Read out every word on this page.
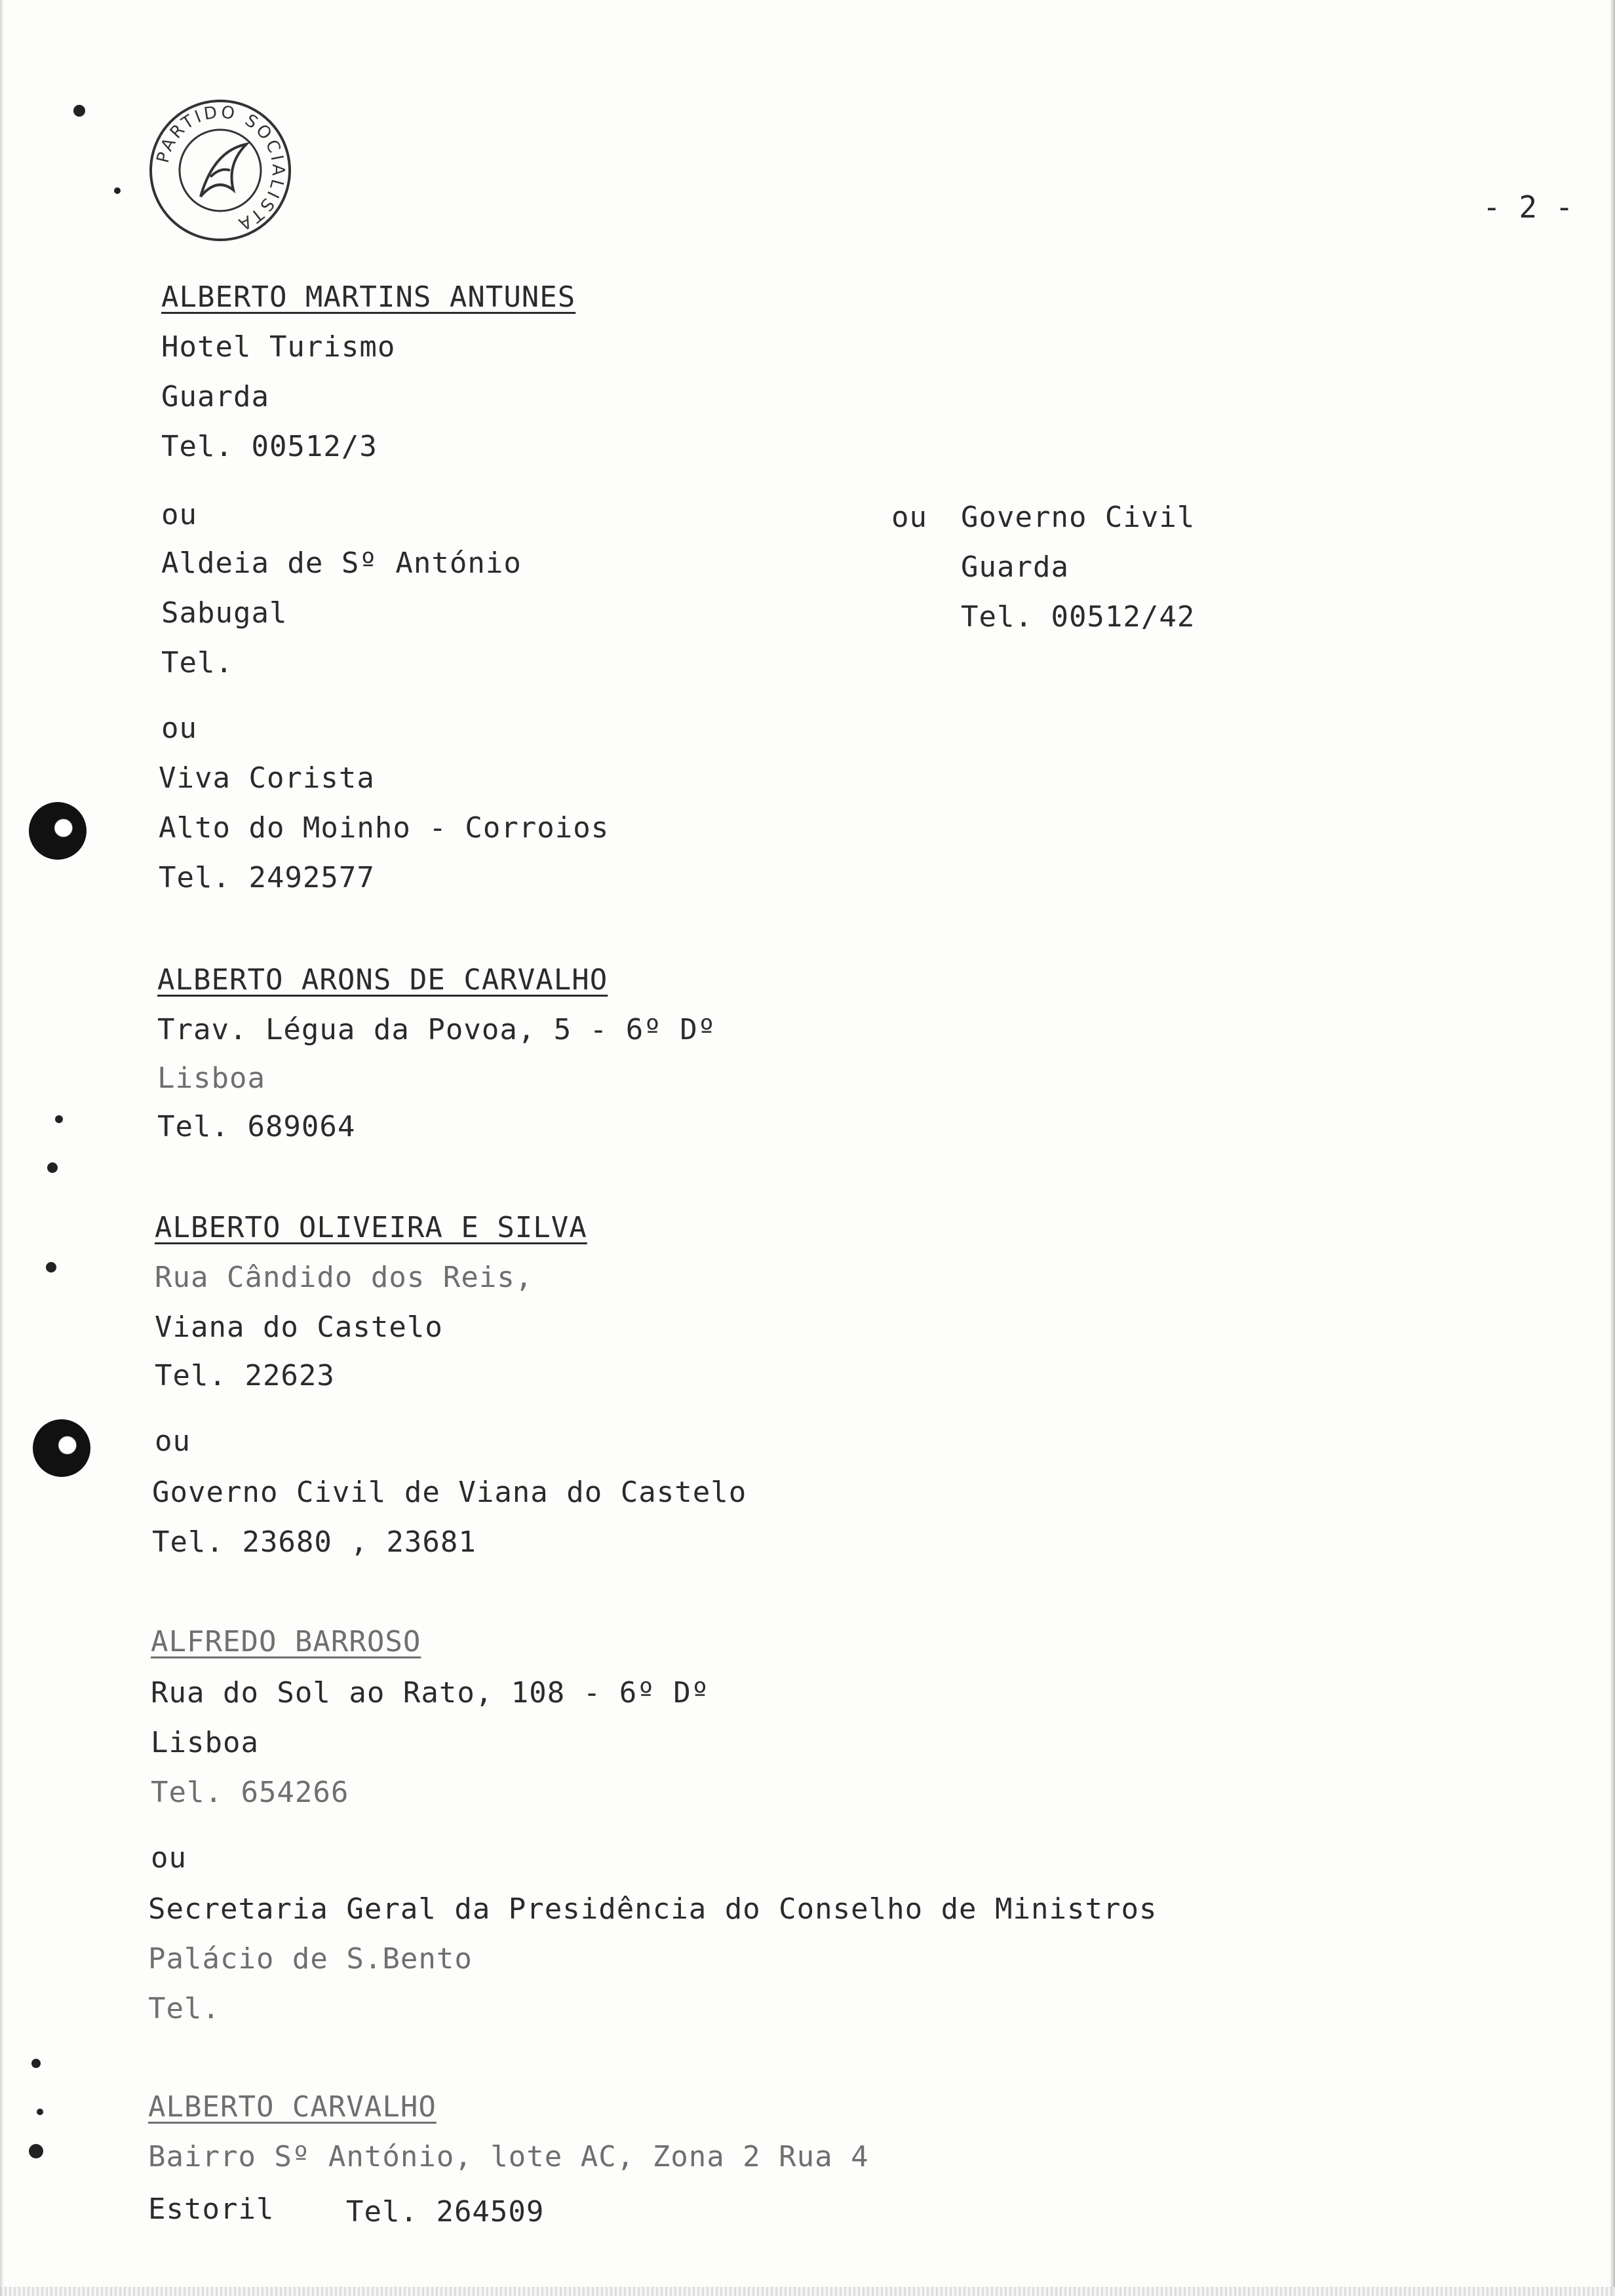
PARTIDO SOCIALISTA	- 2 -
ALBERTO MARTINS ANTUNES
Hotel Turismo
Guarda
Tel. 00512/3
ou
Aldeia de Sº António
Sabugal
Tel.
ou Governo Civil
Guarda
Tel. 00512/42
ou
Viva Corista
Alto do Moinho - Corroios
Tel. 2492577
ALBERTO ARONS DE CARVALHO
Trav. Légua da Povoa, 5 - 6º Dº
Lisboa
Tel. 689064
ALBERTO OLIVEIRA E SILVA
Rua Cândido dos Reis,
Viana do Castelo
Tel. 22623
ou
Governo Civil de Viana do Castelo
Tel. 23680 , 23681
ALFREDO BARROSO
Rua do Sol ao Rato, 108 - 6º Dº
Lisboa
Tel. 654266
ou
Secretaria Geral da Presidência do Conselho de Ministros
Palácio de S.Bento
Tel.
ALBERTO CARVALHO
Bairro Sº António, lote AC, Zona 2 Rua 4
Estoril Tel. 264509
